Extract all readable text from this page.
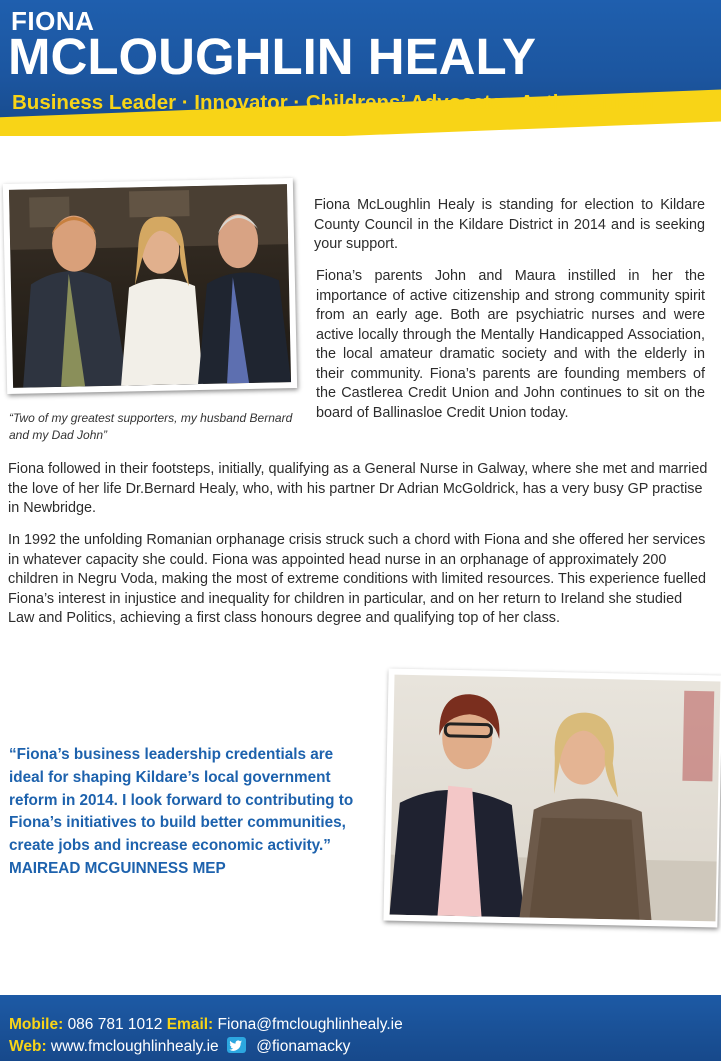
FIONA
MCLOUGHLIN HEALY
Business Leader · Innovator · Childrens’ Advocate · Active Citizen
“Two of my greatest supporters, my husband Bernard and my Dad John”
Fiona McLoughlin Healy is standing for election to Kildare County Council in the Kildare District in 2014 and is seeking your support.
Fiona’s parents John and Maura instilled in her the importance of active citizenship and strong community spirit from an early age. Both are psychiatric nurses and were active locally through the Mentally Handicapped Association, the local amateur dramatic society and with the elderly in their community. Fiona’s parents are founding members of the Castlerea Credit Union and John continues to sit on the board of Ballinasloe Credit Union today.
Fiona followed in their footsteps, initially, qualifying as a General Nurse in Galway, where she met and married the love of her life Dr.Bernard Healy, who, with his partner Dr Adrian McGoldrick, has a very busy GP practise in Newbridge.
In 1992 the unfolding Romanian orphanage crisis struck such a chord with Fiona and she offered her services in whatever capacity she could. Fiona was appointed head nurse in an orphanage of approximately 200 children in Negru Voda, making the most of extreme conditions with limited resources. This experience fuelled Fiona’s interest in injustice and inequality for children in particular, and on her return to Ireland she studied Law and Politics, achieving a first class honours degree and qualifying top of her class.
“Fiona’s business leadership credentials are ideal for shaping Kildare’s local government reform in 2014. I look forward to contributing to Fiona’s initiatives to build better communities, create jobs and increase economic activity.” MAIREAD MCGUINNESS MEP
Mobile: 086 781 1012 Email: Fiona@fmcloughlinhealy.ie
Web: www.fmcloughlinhealy.ie @fionamacky
